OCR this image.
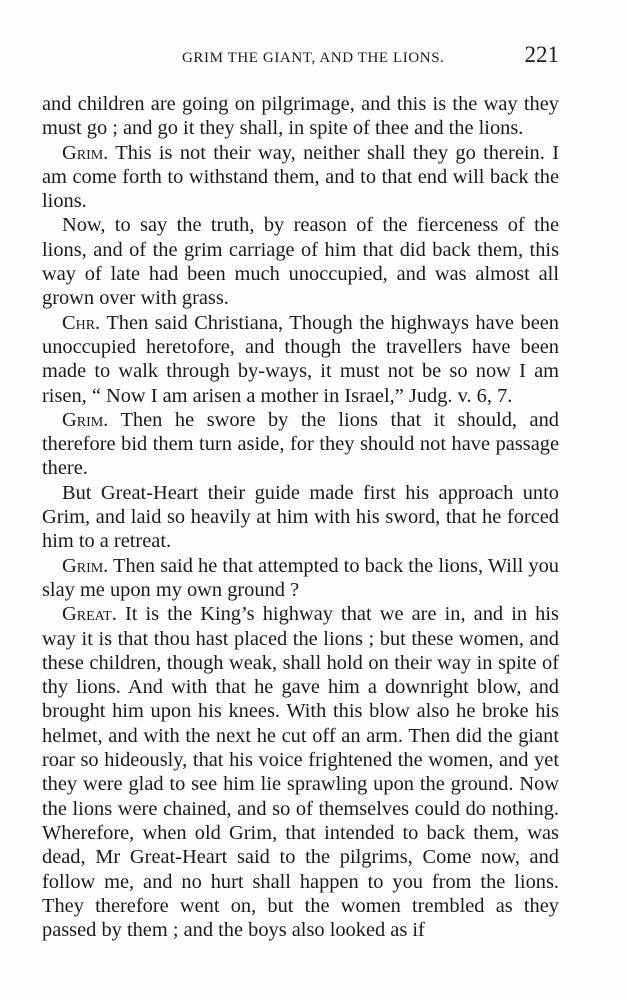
GRIM THE GIANT, AND THE LIONS.	221

and children are going on pilgrimage, and this is the way they must go ; and go it they shall, in spite of thee and the lions.

Grim. This is not their way, neither shall they go therein. I am come forth to withstand them, and to that end will back the lions.

Now, to say the truth, by reason of the fierceness of the lions, and of the grim carriage of him that did back them, this way of late had been much unoccupied, and was almost all grown over with grass.

Chr. Then said Christiana, Though the highways have been unoccupied heretofore, and though the travellers have been made to walk through by-ways, it must not be so now I am risen, “ Now I am arisen a mother in Israel,” Judg. v. 6, 7.

Grim. Then he swore by the lions that it should, and therefore bid them turn aside, for they should not have passage there.

But Great-Heart their guide made first his approach unto Grim, and laid so heavily at him with his sword, that he forced him to a retreat.

Grim. Then said he that attempted to back the lions, Will you slay me upon my own ground ?

Great. It is the King’s highway that we are in, and in his way it is that thou hast placed the lions ; but these women, and these children, though weak, shall hold on their way in spite of thy lions. And with that he gave him a downright blow, and brought him upon his knees. With this blow also he broke his helmet, and with the next he cut off an arm. Then did the giant roar so hideously, that his voice frightened the women, and yet they were glad to see him lie sprawling upon the ground. Now the lions were chained, and so of themselves could do nothing. Wherefore, when old Grim, that intended to back them, was dead, Mr Great-Heart said to the pilgrims, Come now, and follow me, and no hurt shall happen to you from the lions. They therefore went on, but the women trembled as they passed by them ; and the boys also looked as if
